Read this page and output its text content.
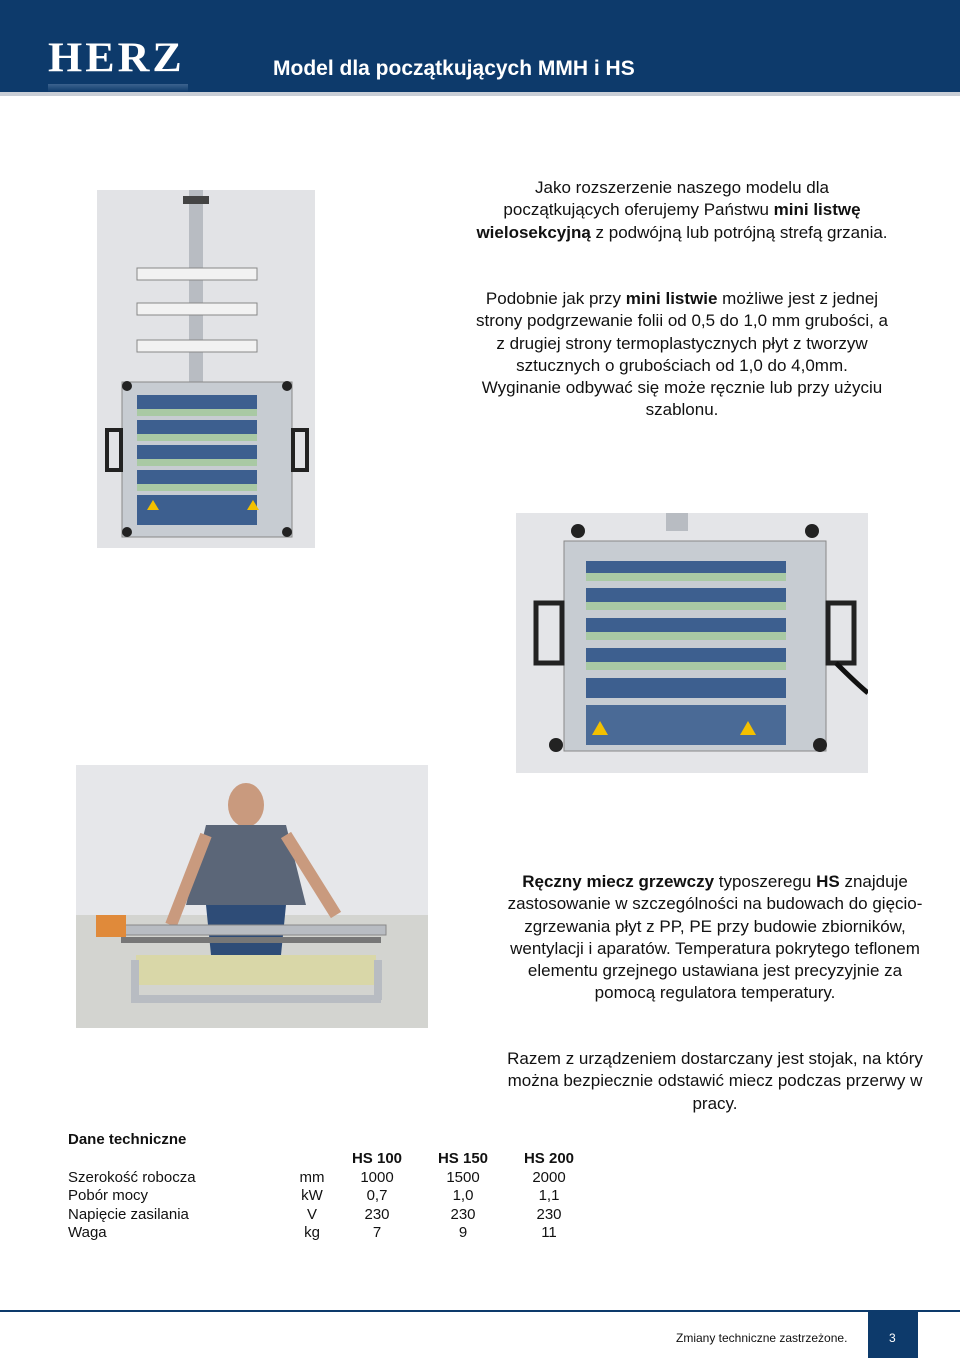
HERZ	Model dla początkujących MMH i HS
Jako rozszerzenie naszego modelu dla początkujących oferujemy Państwu mini listwę wielosekcyjną z podwójną lub potrójną strefą grzania.
Podobnie jak przy mini listwie możliwe jest z jednej strony podgrzewanie folii od 0,5 do 1,0 mm grubości, a z drugiej strony termoplastycznych płyt z tworzyw sztucznych o grubościach od 1,0 do 4,0mm. Wyginanie odbywać się może ręcznie lub przy użyciu szablonu.
Ręczny miecz grzewczy typoszeregu HS znajduje zastosowanie w szczególności na budowach do gięcio-zgrzewania płyt z PP, PE przy budowie zbiorników, wentylacji i aparatów. Temperatura pokrytego teflonem elementu grzejnego ustawiana jest precyzyjnie za pomocą regulatora temperatury.
Razem z urządzeniem dostarczany jest stojak, na który można bezpiecznie odstawić miecz podczas przerwy w pracy.
Dane techniczne
		HS 100	HS 150	HS 200
Szerokość robocza	mm	1000	1500	2000
Pobór mocy	kW	0,7	1,0	1,1
Napięcie zasilania	V	230	230	230
Waga	kg	7	9	11
Zmiany techniczne zastrzeżone.	3
